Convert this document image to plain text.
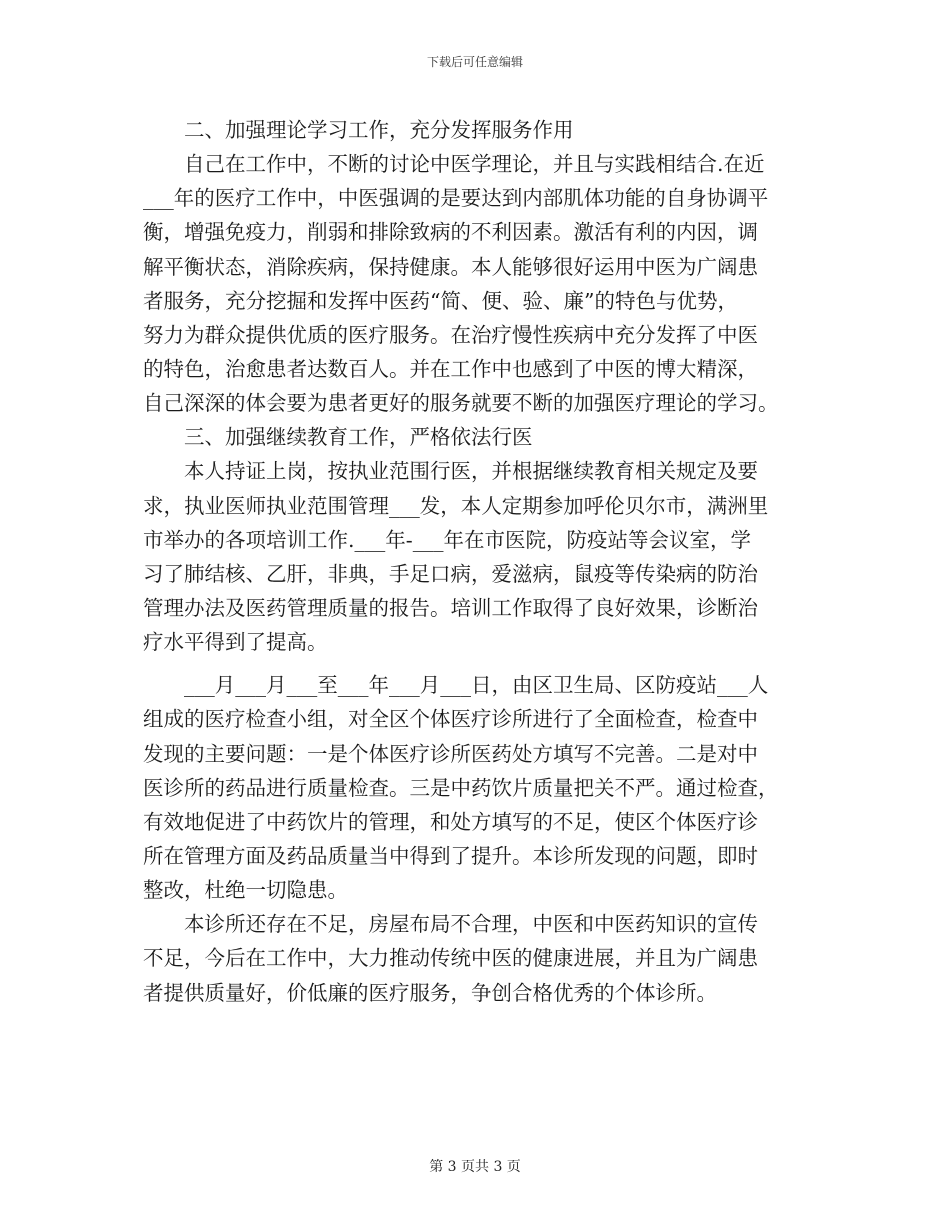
下载后可任意编辑
二、加强理论学习工作，充分发挥服务作用
自己在工作中，不断的讨论中医学理论，并且与实践相结合.在近
___年的医疗工作中，中医强调的是要达到内部肌体功能的自身协调平
衡，增强免疫力，削弱和排除致病的不利因素。激活有利的内因，调
解平衡状态，消除疾病，保持健康。本人能够很好运用中医为广阔患
者服务，充分挖掘和发挥中医药“简、便、验、廉”的特色与优势，
努力为群众提供优质的医疗服务。在治疗慢性疾病中充分发挥了中医
的特色，治愈患者达数百人。并在工作中也感到了中医的博大精深，
自己深深的体会要为患者更好的服务就要不断的加强医疗理论的学习。
三、加强继续教育工作，严格依法行医
本人持证上岗，按执业范围行医，并根据继续教育相关规定及要
求，执业医师执业范围管理___发，本人定期参加呼伦贝尔市，满洲里
市举办的各项培训工作.___年-___年在市医院，防疫站等会议室，学
习了肺结核、乙肝，非典，手足口病，爱滋病，鼠疫等传染病的防治
管理办法及医药管理质量的报告。培训工作取得了良好效果，诊断治
疗水平得到了提高。
___月___月___至___年___月___日，由区卫生局、区防疫站___人
组成的医疗检查小组，对全区个体医疗诊所进行了全面检查，检查中
发现的主要问题：一是个体医疗诊所医药处方填写不完善。二是对中
医诊所的药品进行质量检查。三是中药饮片质量把关不严。通过检查，
有效地促进了中药饮片的管理，和处方填写的不足，使区个体医疗诊
所在管理方面及药品质量当中得到了提升。本诊所发现的问题，即时
整改，杜绝一切隐患。
本诊所还存在不足，房屋布局不合理，中医和中医药知识的宣传
不足，今后在工作中，大力推动传统中医的健康进展，并且为广阔患
者提供质量好，价低廉的医疗服务，争创合格优秀的个体诊所。
第 3 页共 3 页
